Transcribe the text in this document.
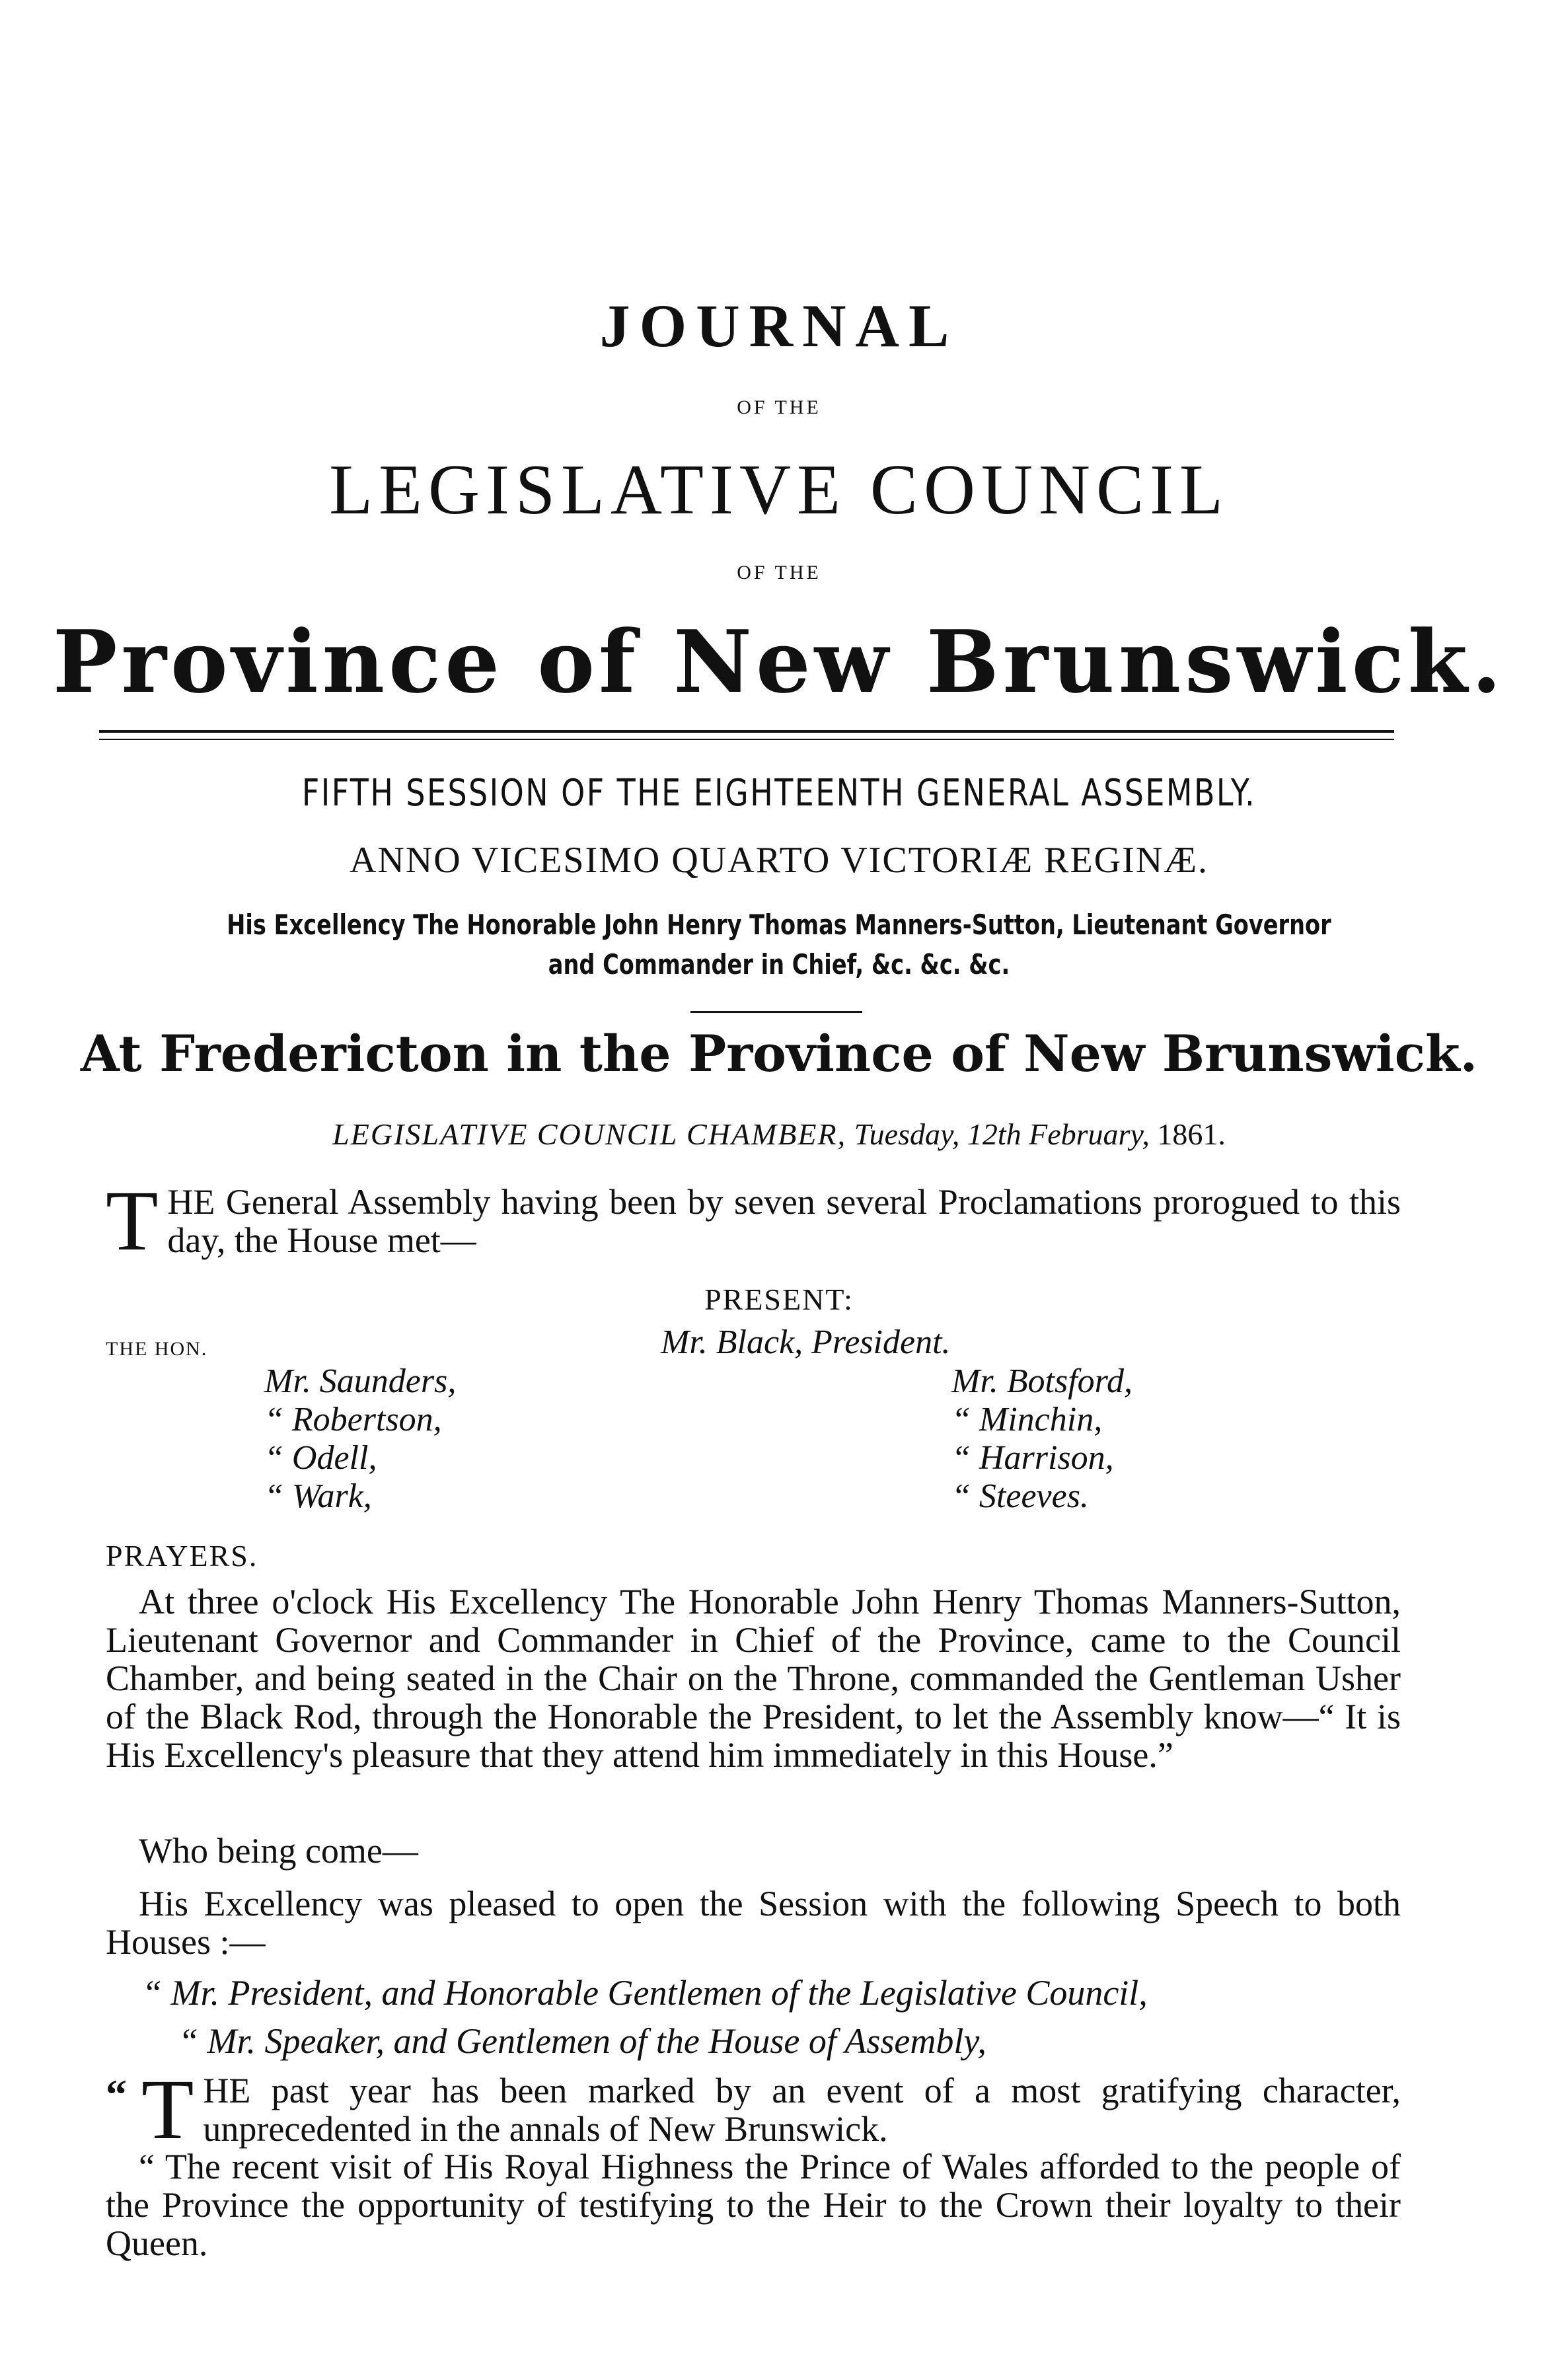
JOURNAL
OF THE
LEGISLATIVE COUNCIL
OF THE
Province of New Brunswick.
FIFTH SESSION OF THE EIGHTEENTH GENERAL ASSEMBLY.
ANNO VICESIMO QUARTO VICTORIÆ REGINÆ.
His Excellency The Honorable John Henry Thomas Manners-Sutton, Lieutenant Governor
and Commander in Chief, &c. &c. &c.
At Fredericton in the Province of New Brunswick.
LEGISLATIVE COUNCIL CHAMBER, Tuesday, 12th February, 1861.
T HE General Assembly having been by seven several Proclamations prorogued to this day, the House met—
PRESENT:
THE HON.	Mr. Black, President.
Mr. Saunders,
“ Robertson,
“ Odell,
“ Wark,
Mr. Botsford,
“ Minchin,
“ Harrison,
“ Steeves.
PRAYERS.
At three o'clock His Excellency The Honorable John Henry Thomas Manners-Sutton, Lieutenant Governor and Commander in Chief of the Province, came to the Council Chamber, and being seated in the Chair on the Throne, commanded the Gentleman Usher of the Black Rod, through the Honorable the President, to let the Assembly know—“ It is His Excellency's pleasure that they attend him immediately in this House.”
Who being come—
His Excellency was pleased to open the Session with the following Speech to both Houses :—
“ Mr. President, and Honorable Gentlemen of the Legislative Council,
“ Mr. Speaker, and Gentlemen of the House of Assembly,
“ T HE past year has been marked by an event of a most gratifying character, unprecedented in the annals of New Brunswick.
“ The recent visit of His Royal Highness the Prince of Wales afforded to the people of the Province the opportunity of testifying to the Heir to the Crown their loyalty to their Queen.
